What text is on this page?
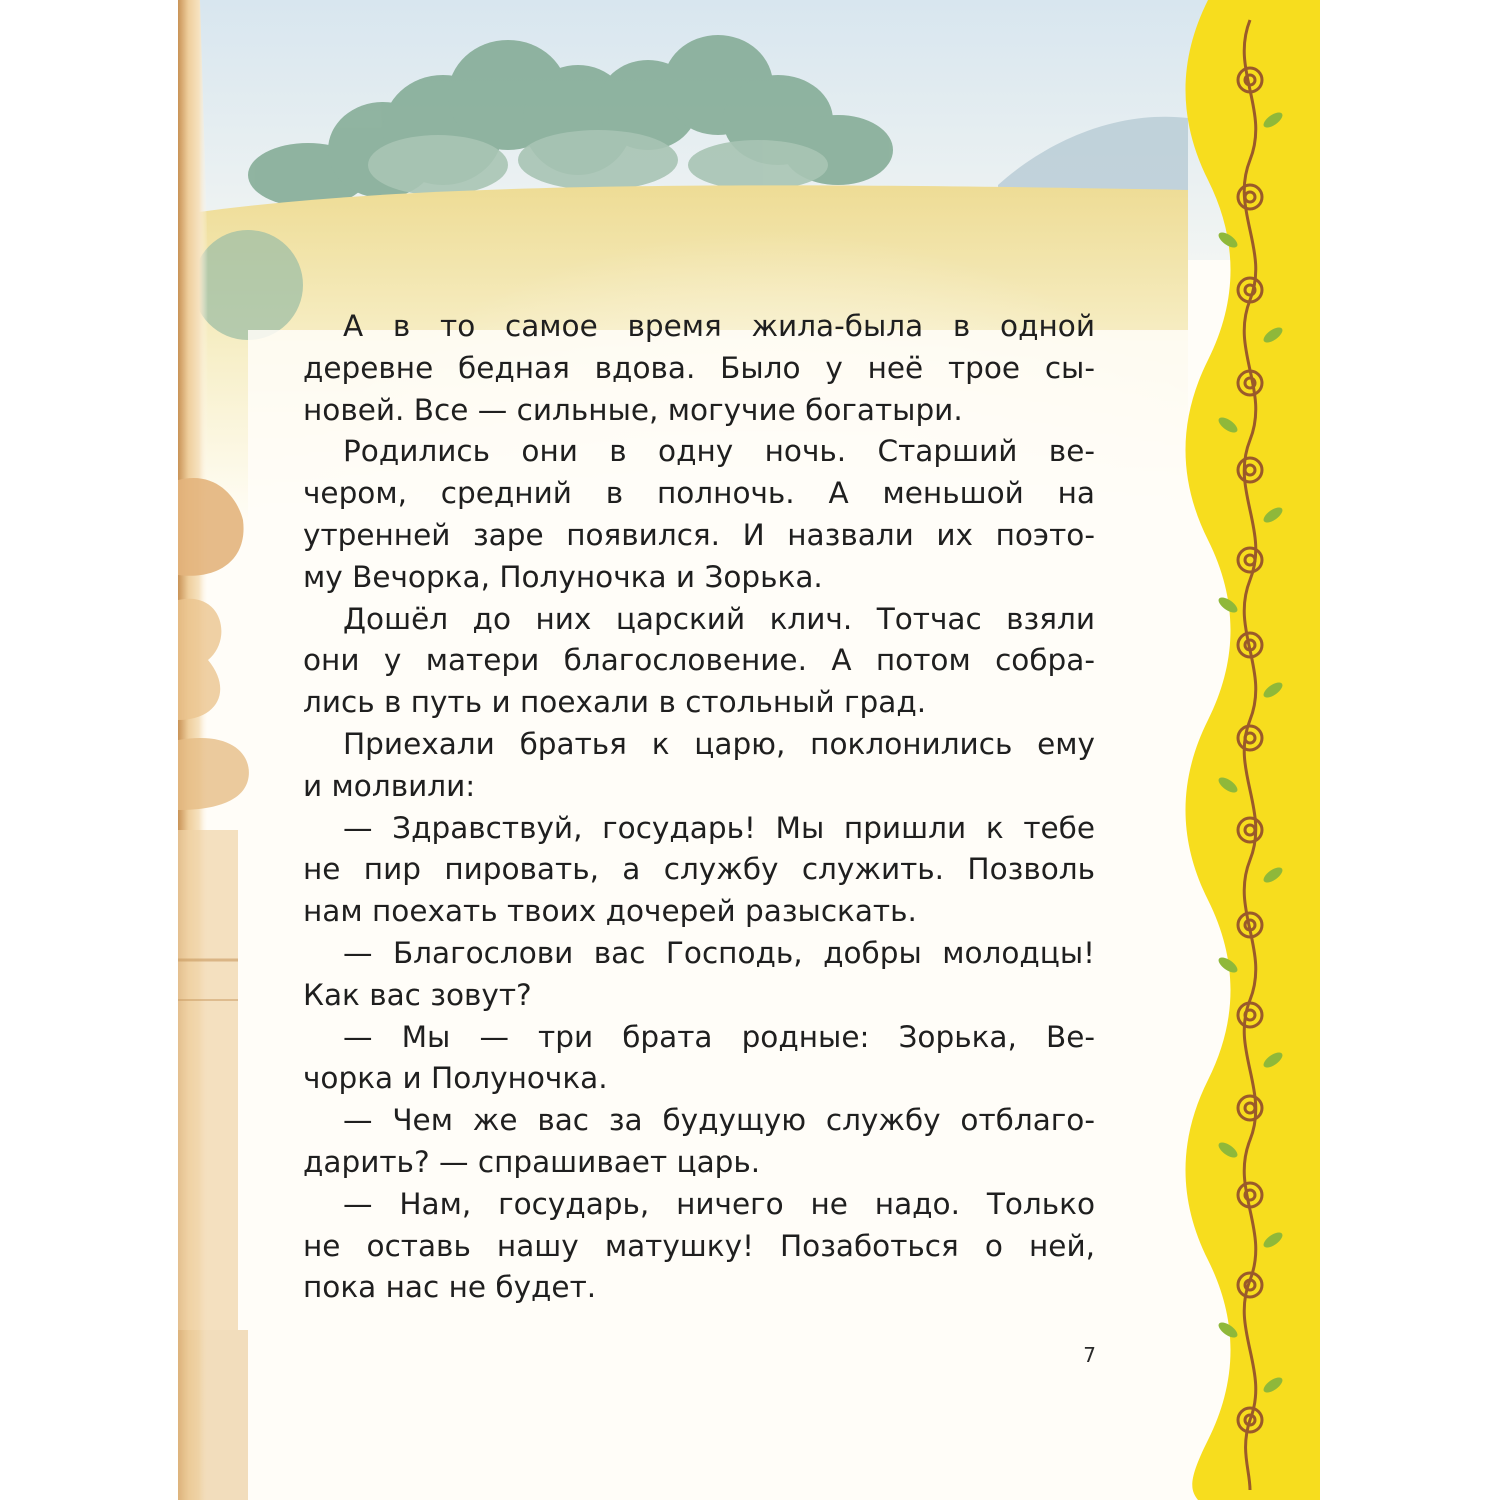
А в то самое время жила-была в одной
деревне бедная вдова. Было у неё трое сы-
новей. Все — сильные, могучие богатыри.
Родились они в одну ночь. Старший ве-
чером, средний в полночь. А меньшой на
утренней заре появился. И назвали их поэто-
му Вечорка, Полуночка и Зорька.
Дошёл до них царский клич. Тотчас взяли
они у матери благословение. А потом собра-
лись в путь и поехали в стольный град.
Приехали братья к царю, поклонились ему
и молвили:
— Здравствуй, государь! Мы пришли к тебе
не пир пировать, а службу служить. Позволь
нам поехать твоих дочерей разыскать.
— Благослови вас Господь, добры молодцы!
Как вас зовут?
— Мы — три брата родные: Зорька, Ве-
чорка и Полуночка.
— Чем же вас за будущую службу отблаго-
дарить? — спрашивает царь.
— Нам, государь, ничего не надо. Только
не оставь нашу матушку! Позаботься о ней,
пока нас не будет.
7
